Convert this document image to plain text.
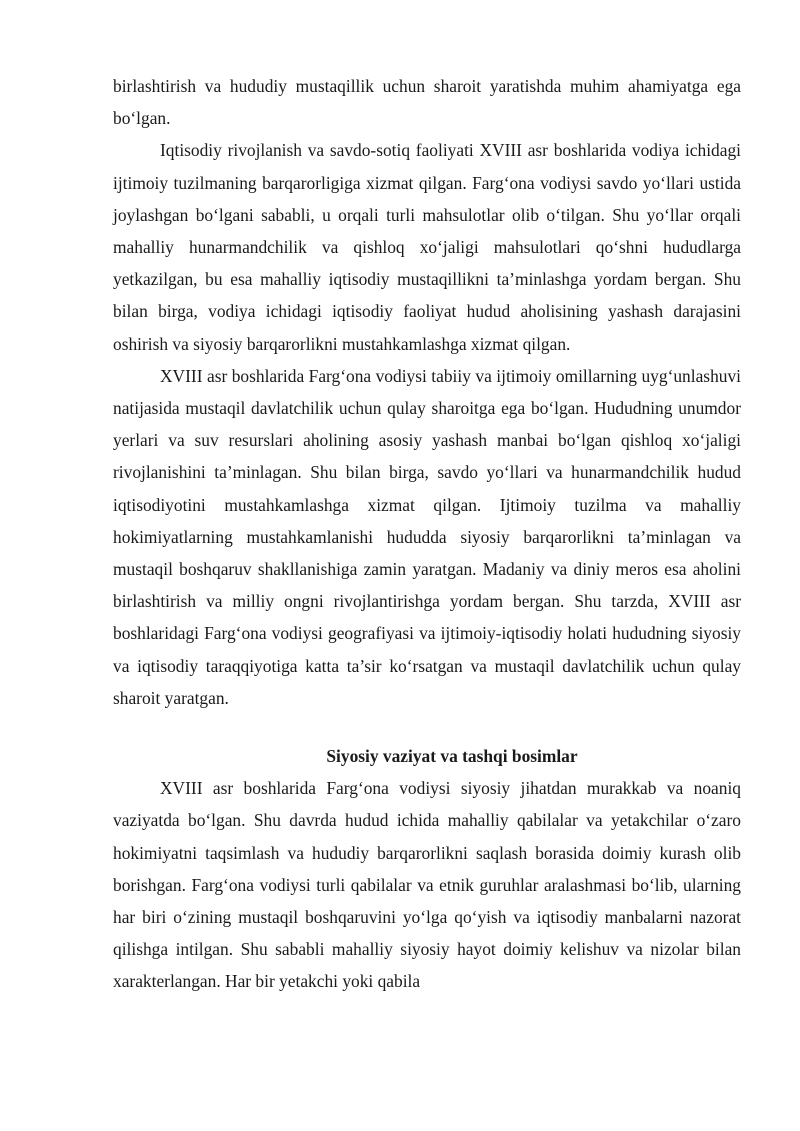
birlashtirish va hududiy mustaqillik uchun sharoit yaratishda muhim ahamiyatga ega bo‘lgan.

Iqtisodiy rivojlanish va savdo-sotiq faoliyati XVIII asr boshlarida vodiya ichidagi ijtimoiy tuzilmaning barqarorligiga xizmat qilgan. Farg‘ona vodiysi savdo yo‘llari ustida joylashgan bo‘lgani sababli, u orqali turli mahsulotlar olib o‘tilgan. Shu yo‘llar orqali mahalliy hunarmandchilik va qishloq xo‘jaligi mahsulotlari qo‘shni hududlarga yetkazilgan, bu esa mahalliy iqtisodiy mustaqillikni ta’minlashga yordam bergan. Shu bilan birga, vodiya ichidagi iqtisodiy faoliyat hudud aholisining yashash darajasini oshirish va siyosiy barqarorlikni mustahkamlashga xizmat qilgan.

XVIII asr boshlarida Farg‘ona vodiysi tabiiy va ijtimoiy omillarning uyg‘unlashuvi natijasida mustaqil davlatchilik uchun qulay sharoitga ega bo‘lgan. Hududning unumdor yerlari va suv resurslari aholining asosiy yashash manbai bo‘lgan qishloq xo‘jaligi rivojlanishini ta’minlagan. Shu bilan birga, savdo yo‘llari va hunarmandchilik hudud iqtisodiyotini mustahkamlashga xizmat qilgan. Ijtimoiy tuzilma va mahalliy hokimiyatlarning mustahkamlanishi hududda siyosiy barqarorlikni ta’minlagan va mustaqil boshqaruv shakllanishiga zamin yaratgan. Madaniy va diniy meros esa aholini birlashtirish va milliy ongni rivojlantirishga yordam bergan. Shu tarzda, XVIII asr boshlaridagi Farg‘ona vodiysi geografiyasi va ijtimoiy-iqtisodiy holati hududning siyosiy va iqtisodiy taraqqiyotiga katta ta’sir ko‘rsatgan va mustaqil davlatchilik uchun qulay sharoit yaratgan.

Siyosiy vaziyat va tashqi bosimlar

XVIII asr boshlarida Farg‘ona vodiysi siyosiy jihatdan murakkab va noaniq vaziyatda bo‘lgan. Shu davrda hudud ichida mahalliy qabilalar va yetakchilar o‘zaro hokimiyatni taqsimlash va hududiy barqarorlikni saqlash borasida doimiy kurash olib borishgan. Farg‘ona vodiysi turli qabilalar va etnik guruhlar aralashmasi bo‘lib, ularning har biri o‘zining mustaqil boshqaruvini yo‘lga qo‘yish va iqtisodiy manbalarni nazorat qilishga intilgan. Shu sababli mahalliy siyosiy hayot doimiy kelishuv va nizolar bilan xarakterlangan. Har bir yetakchi yoki qabila
